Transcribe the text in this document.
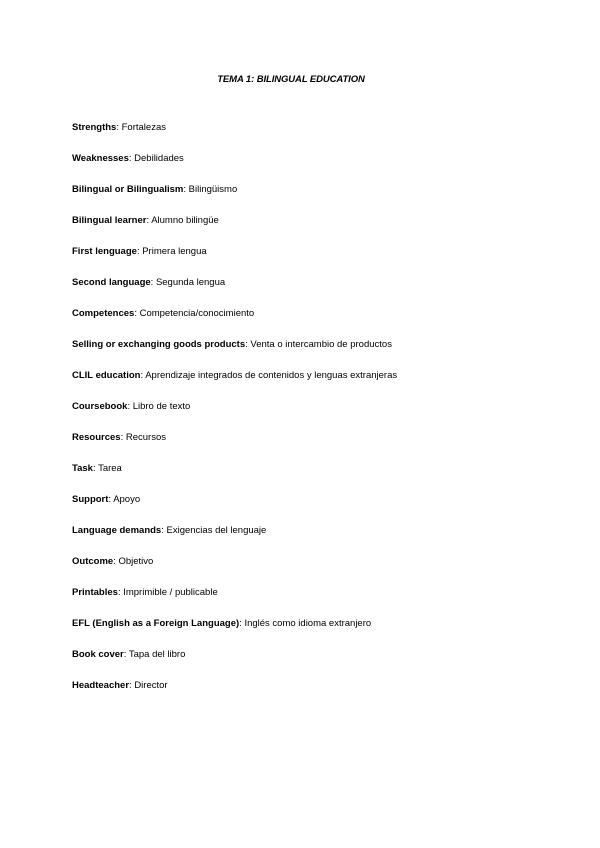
TEMA 1: BILINGUAL EDUCATION
Strengths: Fortalezas
Weaknesses: Debilidades
Bilingual or Bilingualism: Bilingüismo
Bilingual learner: Alumno bilingüe
First lenguage: Primera lengua
Second language: Segunda lengua
Competences: Competencia/conocimiento
Selling or exchanging goods products: Venta o intercambio de productos
CLIL education: Aprendizaje integrados de contenidos y lenguas extranjeras
Coursebook: Libro de texto
Resources: Recursos
Task: Tarea
Support: Apoyo
Language demands: Exigencias del lenguaje
Outcome: Objetivo
Printables: Imprimible / publicable
EFL (English as a Foreign Language): Inglés como idioma extranjero
Book cover: Tapa del libro
Headteacher: Director
